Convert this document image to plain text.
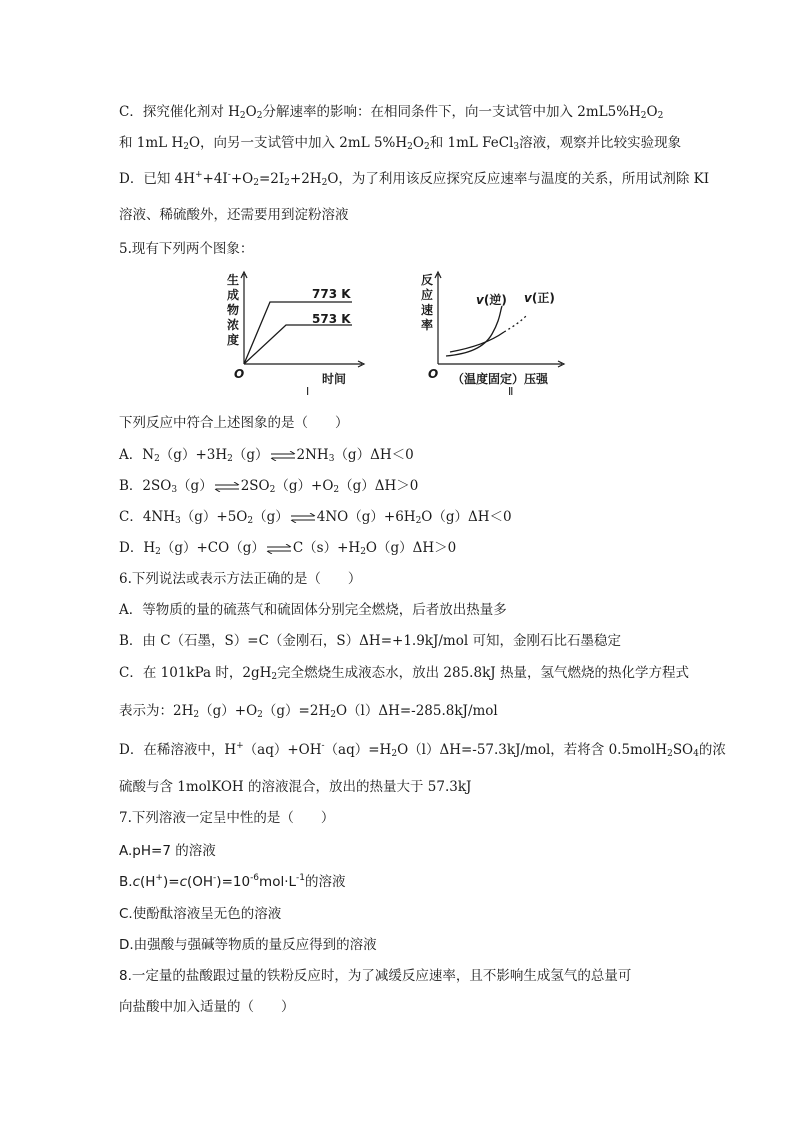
C．探究催化剂对 $H_2O_2$分解速率的影响：在相同条件下，向一支试管中加入 $2mL5\%H_2O_2$
和 1mL $H_2O$，向另一支试管中加入 2mL $5\%H_2O_2$和 1mL FeCl$_3$溶液，观察并比较实验现象
D．已知 $4H^++4I^-+O_2=2I_2+2H_2O$，为了利用该反应探究反应速率与温度的关系，所用试剂除 KI
溶液、稀硫酸外，还需要用到淀粉溶液
5.现有下列两个图象：
生
成
物
浓
度
773 K
573 K
O	时间
Ⅰ
反
应
速
率
v(逆) v(正)
O （温度固定）压强
Ⅱ
下列反应中符合上述图象的是（　　）
A．$N_2(g)+3H_2(g)\rightleftharpoons 2NH_3(g)\Delta H<0$
B．$2SO_3(g)\rightleftharpoons 2SO_2(g)+O_2(g)\Delta H>0$
C．$4NH_3(g)+5O_2(g)\rightleftharpoons 4NO(g)+6H_2O(g)\Delta H<0$
D．$H_2(g)+CO(g)\rightleftharpoons C(s)+H_2O(g)\Delta H>0$
6.下列说法或表示方法正确的是（　　）
A．等物质的量的硫蒸气和硫固体分别完全燃烧，后者放出热量多
B．由 C（石墨，S）=C（金刚石，S）ΔH=+1.9kJ/mol 可知，金刚石比石墨稳定
C．在 101kPa 时，$2gH_2$完全燃烧生成液态水，放出 285.8kJ 热量，氢气燃烧的热化学方程式
表示为：$2H_2(g)+O_2(g)=2H_2O(l)\Delta H=-285.8kJ$/mol
D．在稀溶液中，$H^+(aq)+OH^-(aq)=H_2O(l)\Delta H=-57.3kJ$/mol，若将含 $0.5molH_2SO_4$的浓
硫酸与含 1molKOH 的溶液混合，放出的热量大于 57.3kJ
7.下列溶液一定呈中性的是（　　）
A.pH=7 的溶液
$B.c(H^+)=c(OH^-)=10^{-6}mol\cdot L^{-1}$的溶液
C.使酚酞溶液呈无色的溶液
D.由强酸与强碱等物质的量反应得到的溶液
8.一定量的盐酸跟过量的铁粉反应时，为了减缓反应速率，且不影响生成氢气的总量可
向盐酸中加入适量的（　　）
